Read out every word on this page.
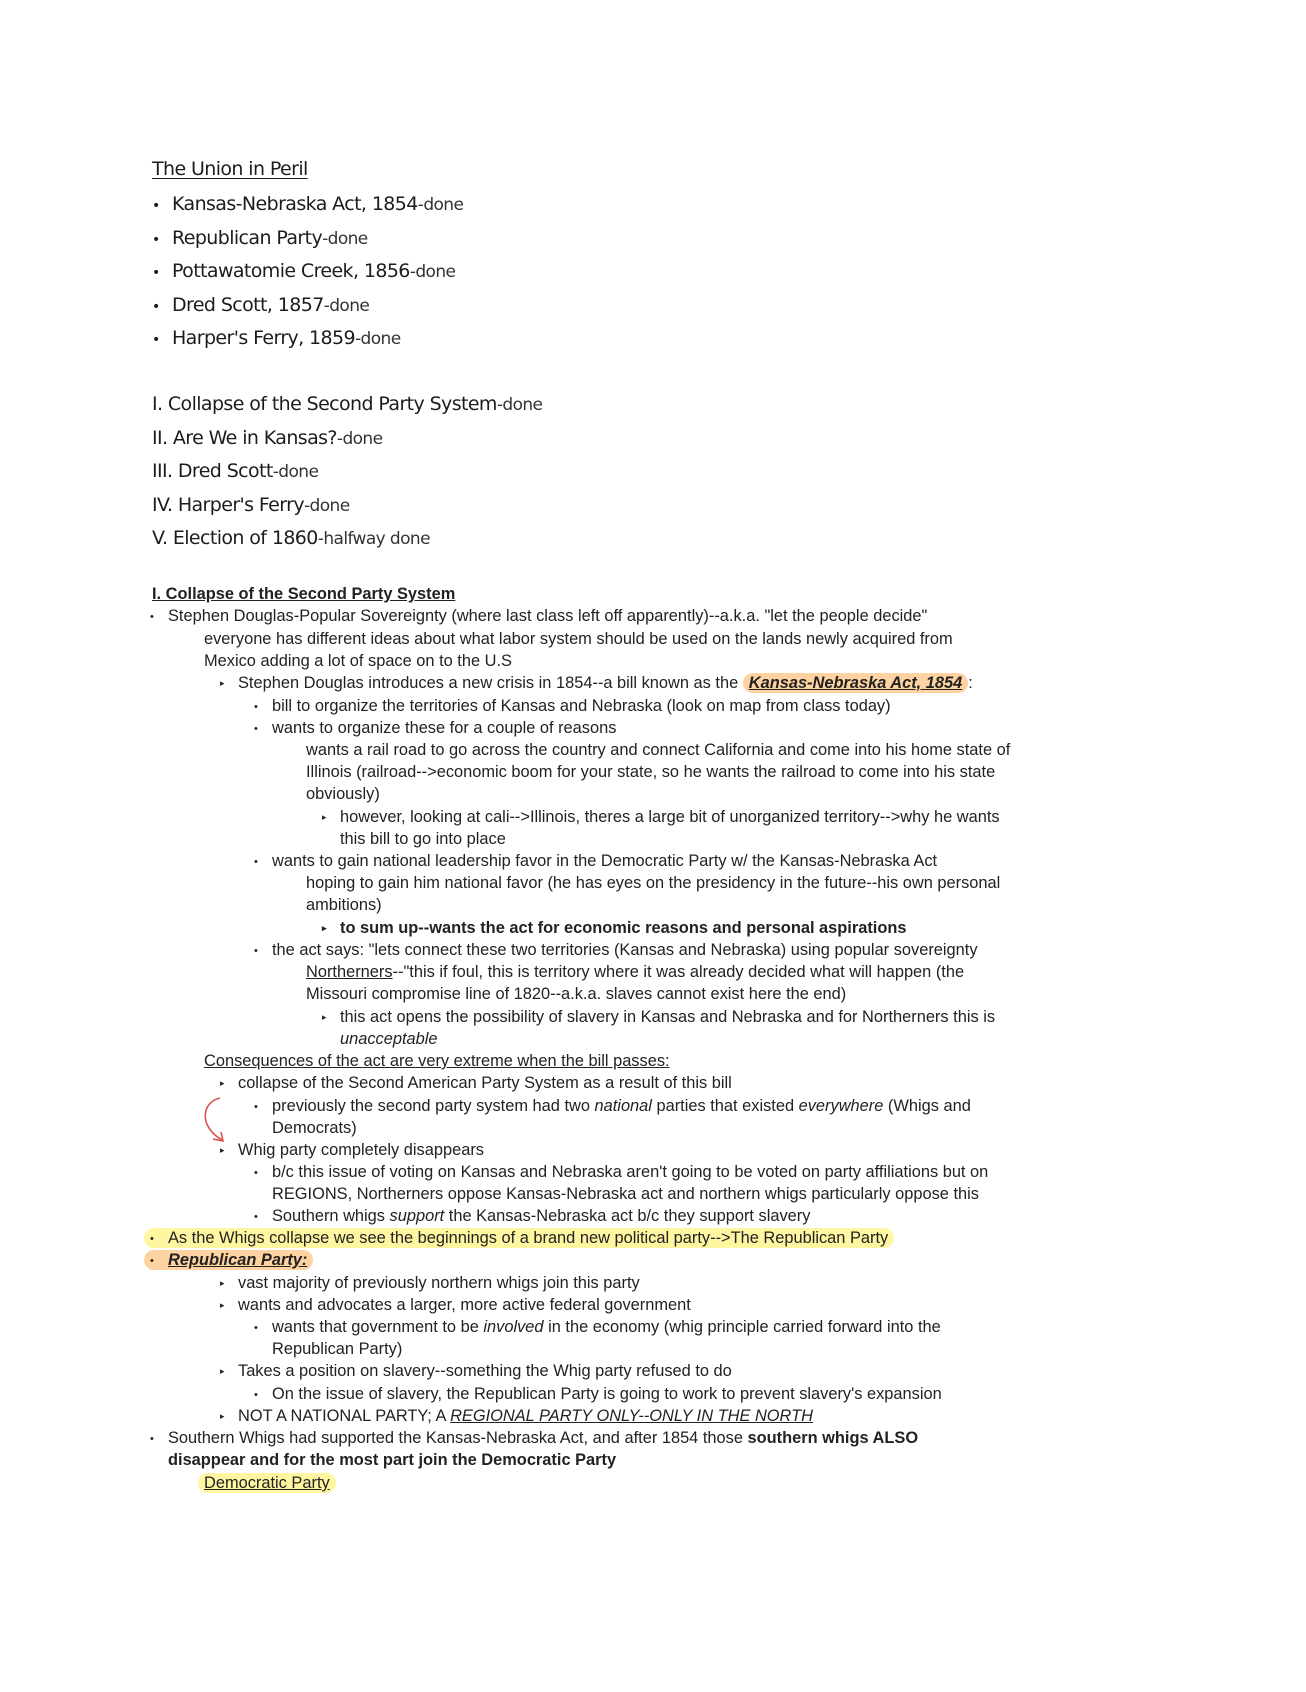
The Union in Peril
• Kansas-Nebraska Act, 1854-done
• Republican Party-done
• Pottawatomie Creek, 1856-done
• Dred Scott, 1857-done
• Harper's Ferry, 1859-done
I. Collapse of the Second Party System-done
II. Are We in Kansas?-done
III. Dred Scott-done
IV. Harper's Ferry-done
V. Election of 1860-halfway done
I. Collapse of the Second Party System
• Stephen Douglas-Popular Sovereignty (where last class left off apparently)--a.k.a. "let the people decide"
everyone has different ideas about what labor system should be used on the lands newly acquired from
Mexico adding a lot of space on to the U.S
▸ Stephen Douglas introduces a new crisis in 1854--a bill known as the Kansas-Nebraska Act, 1854 :
• bill to organize the territories of Kansas and Nebraska (look on map from class today)
• wants to organize these for a couple of reasons
wants a rail road to go across the country and connect California and come into his home state of
Illinois (railroad-->economic boom for your state, so he wants the railroad to come into his state
obviously)
▸ however, looking at cali-->Illinois, theres a large bit of unorganized territory-->why he wants
this bill to go into place
• wants to gain national leadership favor in the Democratic Party w/ the Kansas-Nebraska Act
hoping to gain him national favor (he has eyes on the presidency in the future--his own personal
ambitions)
▸ to sum up--wants the act for economic reasons and personal aspirations
• the act says: "lets connect these two territories (Kansas and Nebraska) using popular sovereignty
Northerners--"this if foul, this is territory where it was already decided what will happen (the
Missouri compromise line of 1820--a.k.a. slaves cannot exist here the end)
▸ this act opens the possibility of slavery in Kansas and Nebraska and for Northerners this is
unacceptable
Consequences of the act are very extreme when the bill passes:
▸ collapse of the Second American Party System as a result of this bill
• previously the second party system had two national parties that existed everywhere (Whigs and
Democrats)
▸ Whig party completely disappears
• b/c this issue of voting on Kansas and Nebraska aren't going to be voted on party affiliations but on
REGIONS, Northerners oppose Kansas-Nebraska act and northern whigs particularly oppose this
• Southern whigs support the Kansas-Nebraska act b/c they support slavery
• As the Whigs collapse we see the beginnings of a brand new political party-->The Republican Party
• Republican Party:
▸ vast majority of previously northern whigs join this party
▸ wants and advocates a larger, more active federal government
• wants that government to be involved in the economy (whig principle carried forward into the
Republican Party)
▸ Takes a position on slavery--something the Whig party refused to do
• On the issue of slavery, the Republican Party is going to work to prevent slavery's expansion
▸ NOT A NATIONAL PARTY; A REGIONAL PARTY ONLY--ONLY IN THE NORTH
• Southern Whigs had supported the Kansas-Nebraska Act, and after 1854 those southern whigs ALSO
disappear and for the most part join the Democratic Party
Democratic Party
